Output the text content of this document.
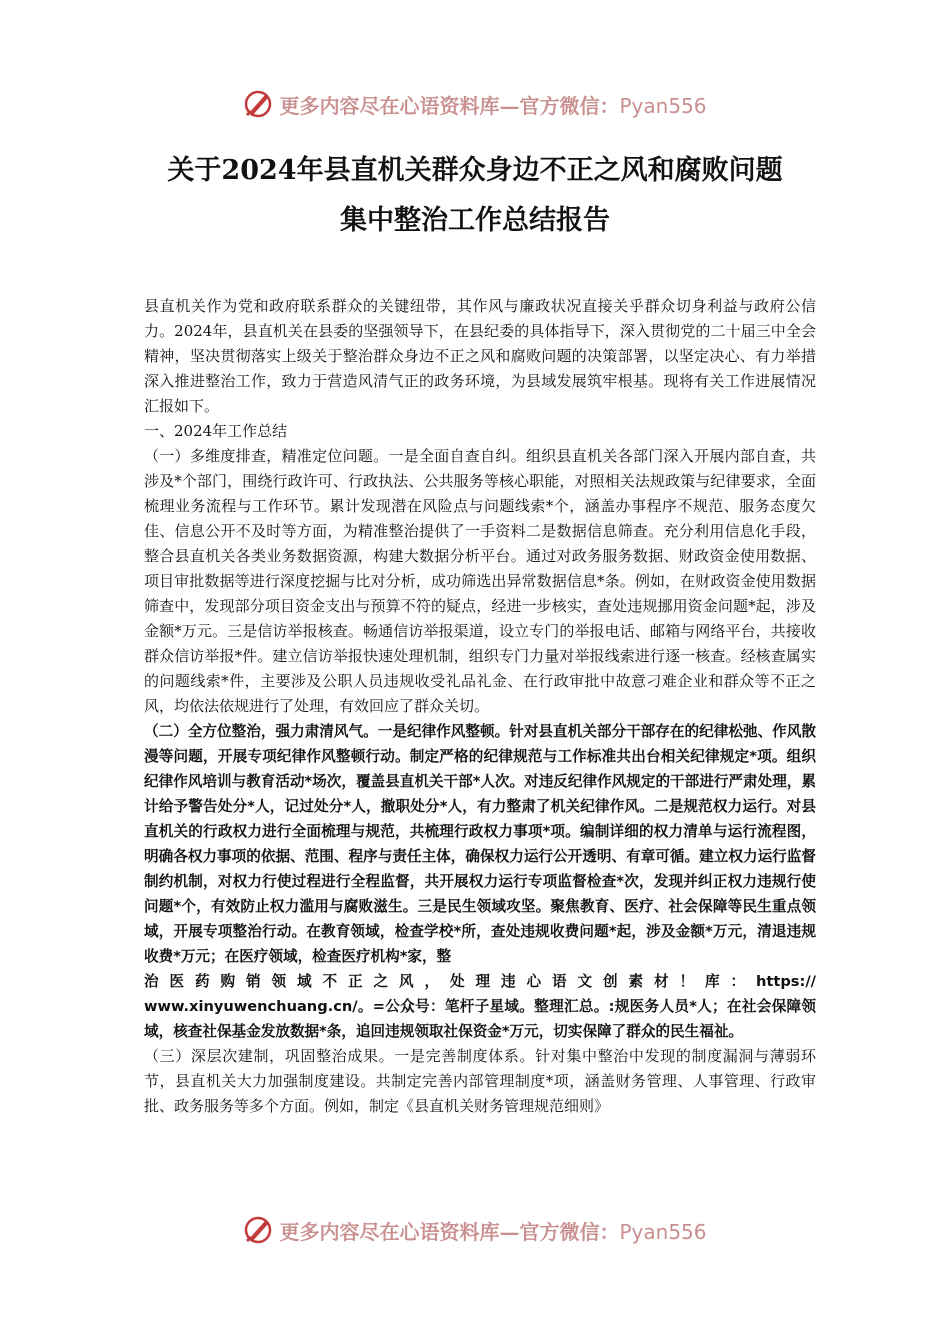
更多内容尽在心语资料库—官方微信：Pyan556
关于2024年县直机关群众身边不正之风和腐败问题
集中整治工作总结报告

县直机关作为党和政府联系群众的关键纽带，其作风与廉政状况直接关乎群众切身利益与政府公信力。2024年，县直机关在县委的坚强领导下，在县纪委的具体指导下，深入贯彻党的二十届三中全会精神，坚决贯彻落实上级关于整治群众身边不正之风和腐败问题的决策部署，以坚定决心、有力举措深入推进整治工作，致力于营造风清气正的政务环境，为县域发展筑牢根基。现将有关工作进展情况汇报如下。

一、2024年工作总结

（一）多维度排查，精准定位问题。一是全面自查自纠。组织县直机关各部门深入开展内部自查，共涉及*个部门，围绕行政许可、行政执法、公共服务等核心职能，对照相关法规政策与纪律要求，全面梳理业务流程与工作环节。累计发现潜在风险点与问题线索*个，涵盖办事程序不规范、服务态度欠佳、信息公开不及时等方面，为精准整治提供了一手资料二是数据信息筛查。充分利用信息化手段，整合县直机关各类业务数据资源，构建大数据分析平台。通过对政务服务数据、财政资金使用数据、项目审批数据等进行深度挖掘与比对分析，成功筛选出异常数据信息*条。例如，在财政资金使用数据筛查中，发现部分项目资金支出与预算不符的疑点，经进一步核实，查处违规挪用资金问题*起，涉及金额*万元。三是信访举报核查。畅通信访举报渠道，设立专门的举报电话、邮箱与网络平台，共接收群众信访举报*件。建立信访举报快速处理机制，组织专门力量对举报线索进行逐一核查。经核查属实的问题线索*件，主要涉及公职人员违规收受礼品礼金、在行政审批中故意刁难企业和群众等不正之风，均依法依规进行了处理，有效回应了群众关切。

（二）全方位整治，强力肃清风气。一是纪律作风整顿。针对县直机关部分干部存在的纪律松弛、作风散漫等问题，开展专项纪律作风整顿行动。制定严格的纪律规范与工作标准共出台相关纪律规定*项。组织纪律作风培训与教育活动*场次，覆盖县直机关干部*人次。对违反纪律作风规定的干部进行严肃处理，累计给予警告处分*人，记过处分*人，撤职处分*人，有力整肃了机关纪律作风。二是规范权力运行。对县直机关的行政权力进行全面梳理与规范，共梳理行政权力事项*项。编制详细的权力清单与运行流程图，明确各权力事项的依据、范围、程序与责任主体，确保权力运行公开透明、有章可循。建立权力运行监督制约机制，对权力行使过程进行全程监督，共开展权力运行专项监督检查*次，发现并纠正权力违规行使问题*个，有效防止权力滥用与腐败滋生。三是民生领域攻坚。聚焦教育、医疗、社会保障等民生重点领域，开展专项整治行动。在教育领域，检查学校*所，查处违规收费问题*起，涉及金额*万元，清退违规收费*万元；在医疗领域，检查医疗机构*家，整

治医药购销领域不正之风，处理违心语文创素材！库：https://

www.xinyuwenchuang.cn/。=公众号：笔杆子星域。整理汇总。:规医务人员*人；在社会保障领域，核查社保基金发放数据*条，追回违规领取社保资金*万元，切实保障了群众的民生福祉。

（三）深层次建制，巩固整治成果。一是完善制度体系。针对集中整治中发现的制度漏洞与薄弱环节，县直机关大力加强制度建设。共制定完善内部管理制度*项，涵盖财务管理、人事管理、行政审批、政务服务等多个方面。例如，制定《县直机关财务管理规范细则》

更多内容尽在心语资料库—官方微信：Pyan556
